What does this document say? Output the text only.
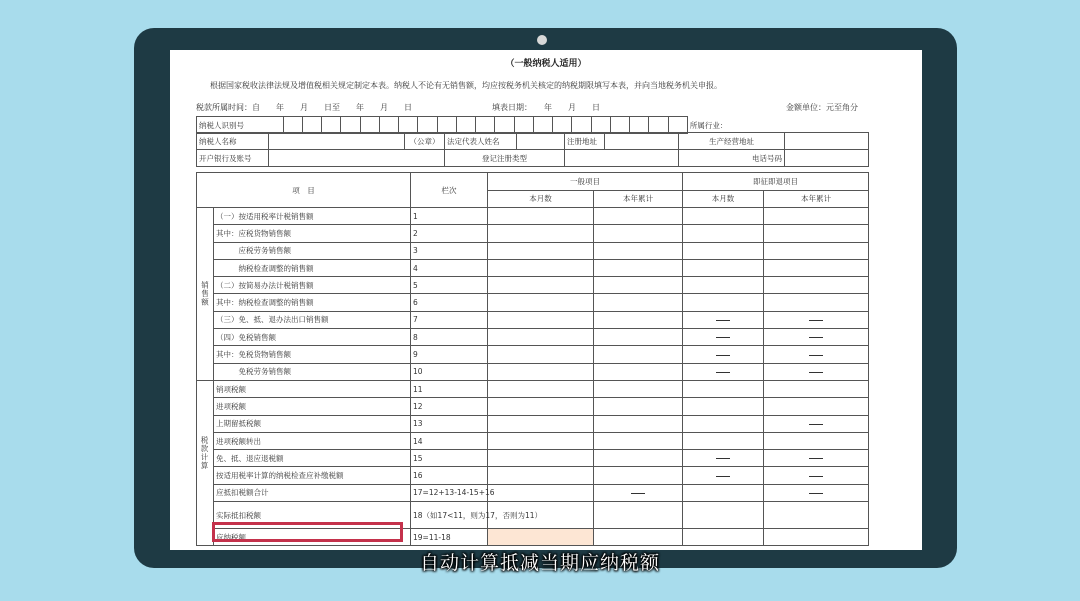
（一般纳税人适用）
根据国家税收法律法规及增值税相关规定制定本表。纳税人不论有无销售额，均应按税务机关核定的纳税期限填写本表，并向当地税务机关申报。
税款所属时间：自　　年　　月　　日至　　年　　月　　日	填表日期：　　年　　月　　日	金额单位：元至角分
纳税人识别号																						所属行业：
纳税人名称		（公章）	法定代表人姓名		注册地址		生产经营地址	
开户银行及账号			登记注册类型				电话号码	
项　目		栏次	一般项目		即征即退项目	
			本月数	本年累计	本月数	本年累计
销售额	（一）按适用税率计税销售额	1				
	其中：应税货物销售额	2				
	　　　应税劳务销售额	3				
	　　　纳税检查调整的销售额	4				
	（二）按简易办法计税销售额	5				
	其中：纳税检查调整的销售额	6				
	（三）免、抵、退办法出口销售额	7				
	（四）免税销售额	8				
	其中：免税货物销售额	9				
	　　　免税劳务销售额	10				
税款计算	销项税额	11				
	进项税额	12				
	上期留抵税额	13				
	进项税额转出	14				
	免、抵、退应退税额	15				
	按适用税率计算的纳税检查应补缴税额	16				
	应抵扣税额合计	17=12+13-14-15+16				
	实际抵扣税额	18（如17<11，则为17，否则为11）				
	应纳税额	19=11-18				
自动计算抵减当期应纳税额
